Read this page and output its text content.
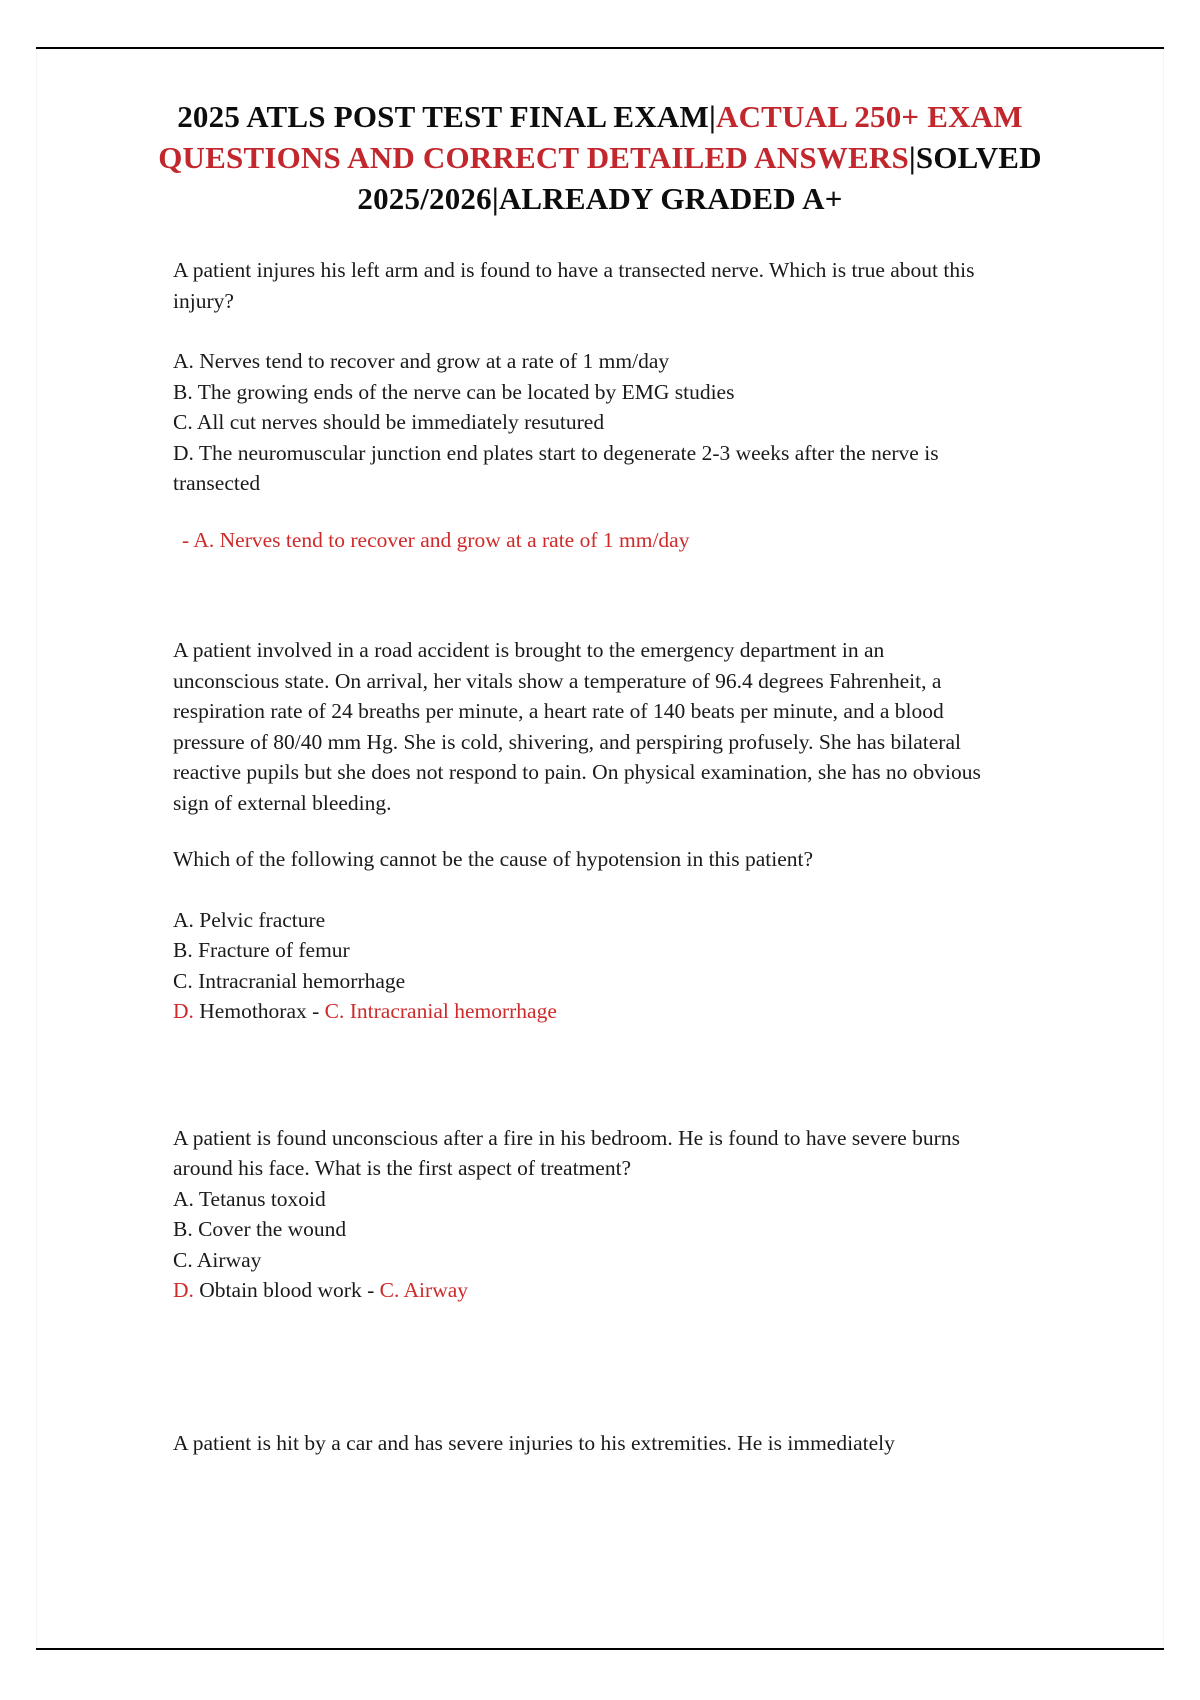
2025 ATLS POST TEST FINAL EXAM|ACTUAL 250+ EXAM QUESTIONS AND CORRECT DETAILED ANSWERS|SOLVED 2025/2026|ALREADY GRADED A+

A patient injures his left arm and is found to have a transected nerve. Which is true about this injury?

A. Nerves tend to recover and grow at a rate of 1 mm/day
B. The growing ends of the nerve can be located by EMG studies
C. All cut nerves should be immediately resutured
D. The neuromuscular junction end plates start to degenerate 2-3 weeks after the nerve is transected

- A. Nerves tend to recover and grow at a rate of 1 mm/day

A patient involved in a road accident is brought to the emergency department in an unconscious state. On arrival, her vitals show a temperature of 96.4 degrees Fahrenheit, a respiration rate of 24 breaths per minute, a heart rate of 140 beats per minute, and a blood pressure of 80/40 mm Hg. She is cold, shivering, and perspiring profusely. She has bilateral reactive pupils but she does not respond to pain. On physical examination, she has no obvious sign of external bleeding.

Which of the following cannot be the cause of hypotension in this patient?

A. Pelvic fracture
B. Fracture of femur
C. Intracranial hemorrhage
D. Hemothorax - C. Intracranial hemorrhage

A patient is found unconscious after a fire in his bedroom. He is found to have severe burns around his face. What is the first aspect of treatment?

A. Tetanus toxoid
B. Cover the wound
C. Airway
D. Obtain blood work - C. Airway

A patient is hit by a car and has severe injuries to his extremities. He is immediately
